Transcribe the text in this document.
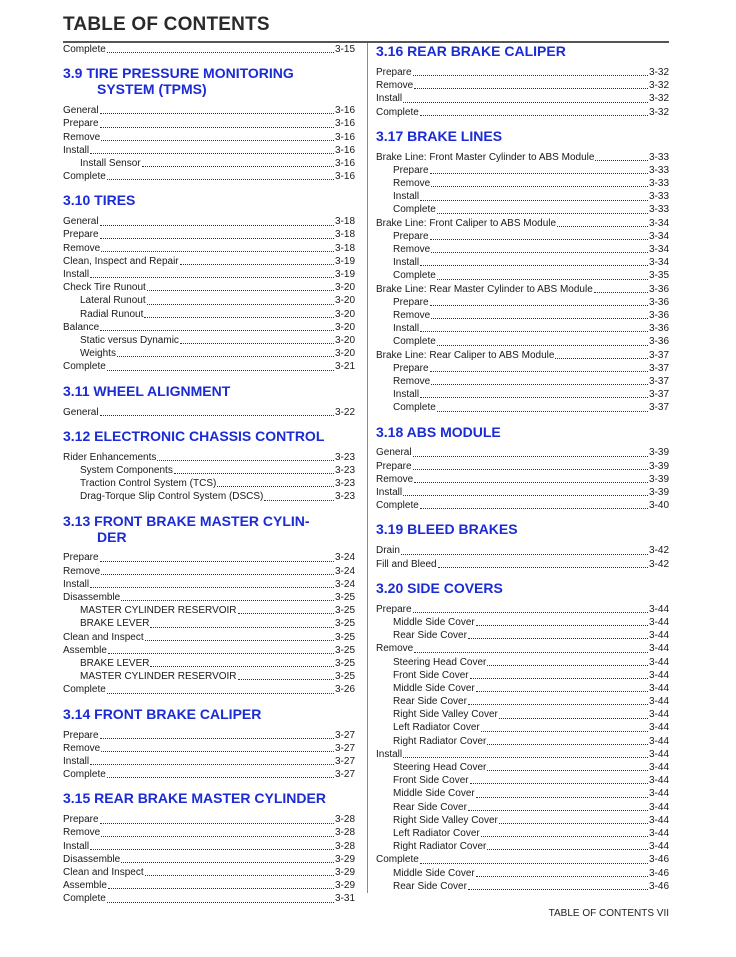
TABLE OF CONTENTS
Complete	3-15
3.9 TIRE PRESSURE MONITORING
SYSTEM (TPMS)
General	3-16
Prepare	3-16
Remove	3-16
Install	3-16
Install Sensor	3-16
Complete	3-16
3.10 TIRES
General	3-18
Prepare	3-18
Remove	3-18
Clean, Inspect and Repair	3-19
Install	3-19
Check Tire Runout	3-20
Lateral Runout	3-20
Radial Runout	3-20
Balance	3-20
Static versus Dynamic	3-20
Weights	3-20
Complete	3-21
3.11 WHEEL ALIGNMENT
General	3-22
3.12 ELECTRONIC CHASSIS CONTROL
Rider Enhancements	3-23
System Components	3-23
Traction Control System (TCS)	3-23
Drag-Torque Slip Control System (DSCS)	3-23
3.13 FRONT BRAKE MASTER CYLIN-
DER
Prepare	3-24
Remove	3-24
Install	3-24
Disassemble	3-25
MASTER CYLINDER RESERVOIR	3-25
BRAKE LEVER	3-25
Clean and Inspect	3-25
Assemble	3-25
BRAKE LEVER	3-25
MASTER CYLINDER RESERVOIR	3-25
Complete	3-26
3.14 FRONT BRAKE CALIPER
Prepare	3-27
Remove	3-27
Install	3-27
Complete	3-27
3.15 REAR BRAKE MASTER CYLINDER
Prepare	3-28
Remove	3-28
Install	3-28
Disassemble	3-29
Clean and Inspect	3-29
Assemble	3-29
Complete	3-31
3.16 REAR BRAKE CALIPER
Prepare	3-32
Remove	3-32
Install	3-32
Complete	3-32
3.17 BRAKE LINES
Brake Line: Front Master Cylinder to ABS Module	3-33
Prepare	3-33
Remove	3-33
Install	3-33
Complete	3-33
Brake Line: Front Caliper to ABS Module	3-34
Prepare	3-34
Remove	3-34
Install	3-34
Complete	3-35
Brake Line: Rear Master Cylinder to ABS Module	3-36
Prepare	3-36
Remove	3-36
Install	3-36
Complete	3-36
Brake Line: Rear Caliper to ABS Module	3-37
Prepare	3-37
Remove	3-37
Install	3-37
Complete	3-37
3.18 ABS MODULE
General	3-39
Prepare	3-39
Remove	3-39
Install	3-39
Complete	3-40
3.19 BLEED BRAKES
Drain	3-42
Fill and Bleed	3-42
3.20 SIDE COVERS
Prepare	3-44
Middle Side Cover	3-44
Rear Side Cover	3-44
Remove	3-44
Steering Head Cover	3-44
Front Side Cover	3-44
Middle Side Cover	3-44
Rear Side Cover	3-44
Right Side Valley Cover	3-44
Left Radiator Cover	3-44
Right Radiator Cover	3-44
Install	3-44
Steering Head Cover	3-44
Front Side Cover	3-44
Middle Side Cover	3-44
Rear Side Cover	3-44
Right Side Valley Cover	3-44
Left Radiator Cover	3-44
Right Radiator Cover	3-44
Complete	3-46
Middle Side Cover	3-46
Rear Side Cover	3-46
TABLE OF CONTENTS VII
